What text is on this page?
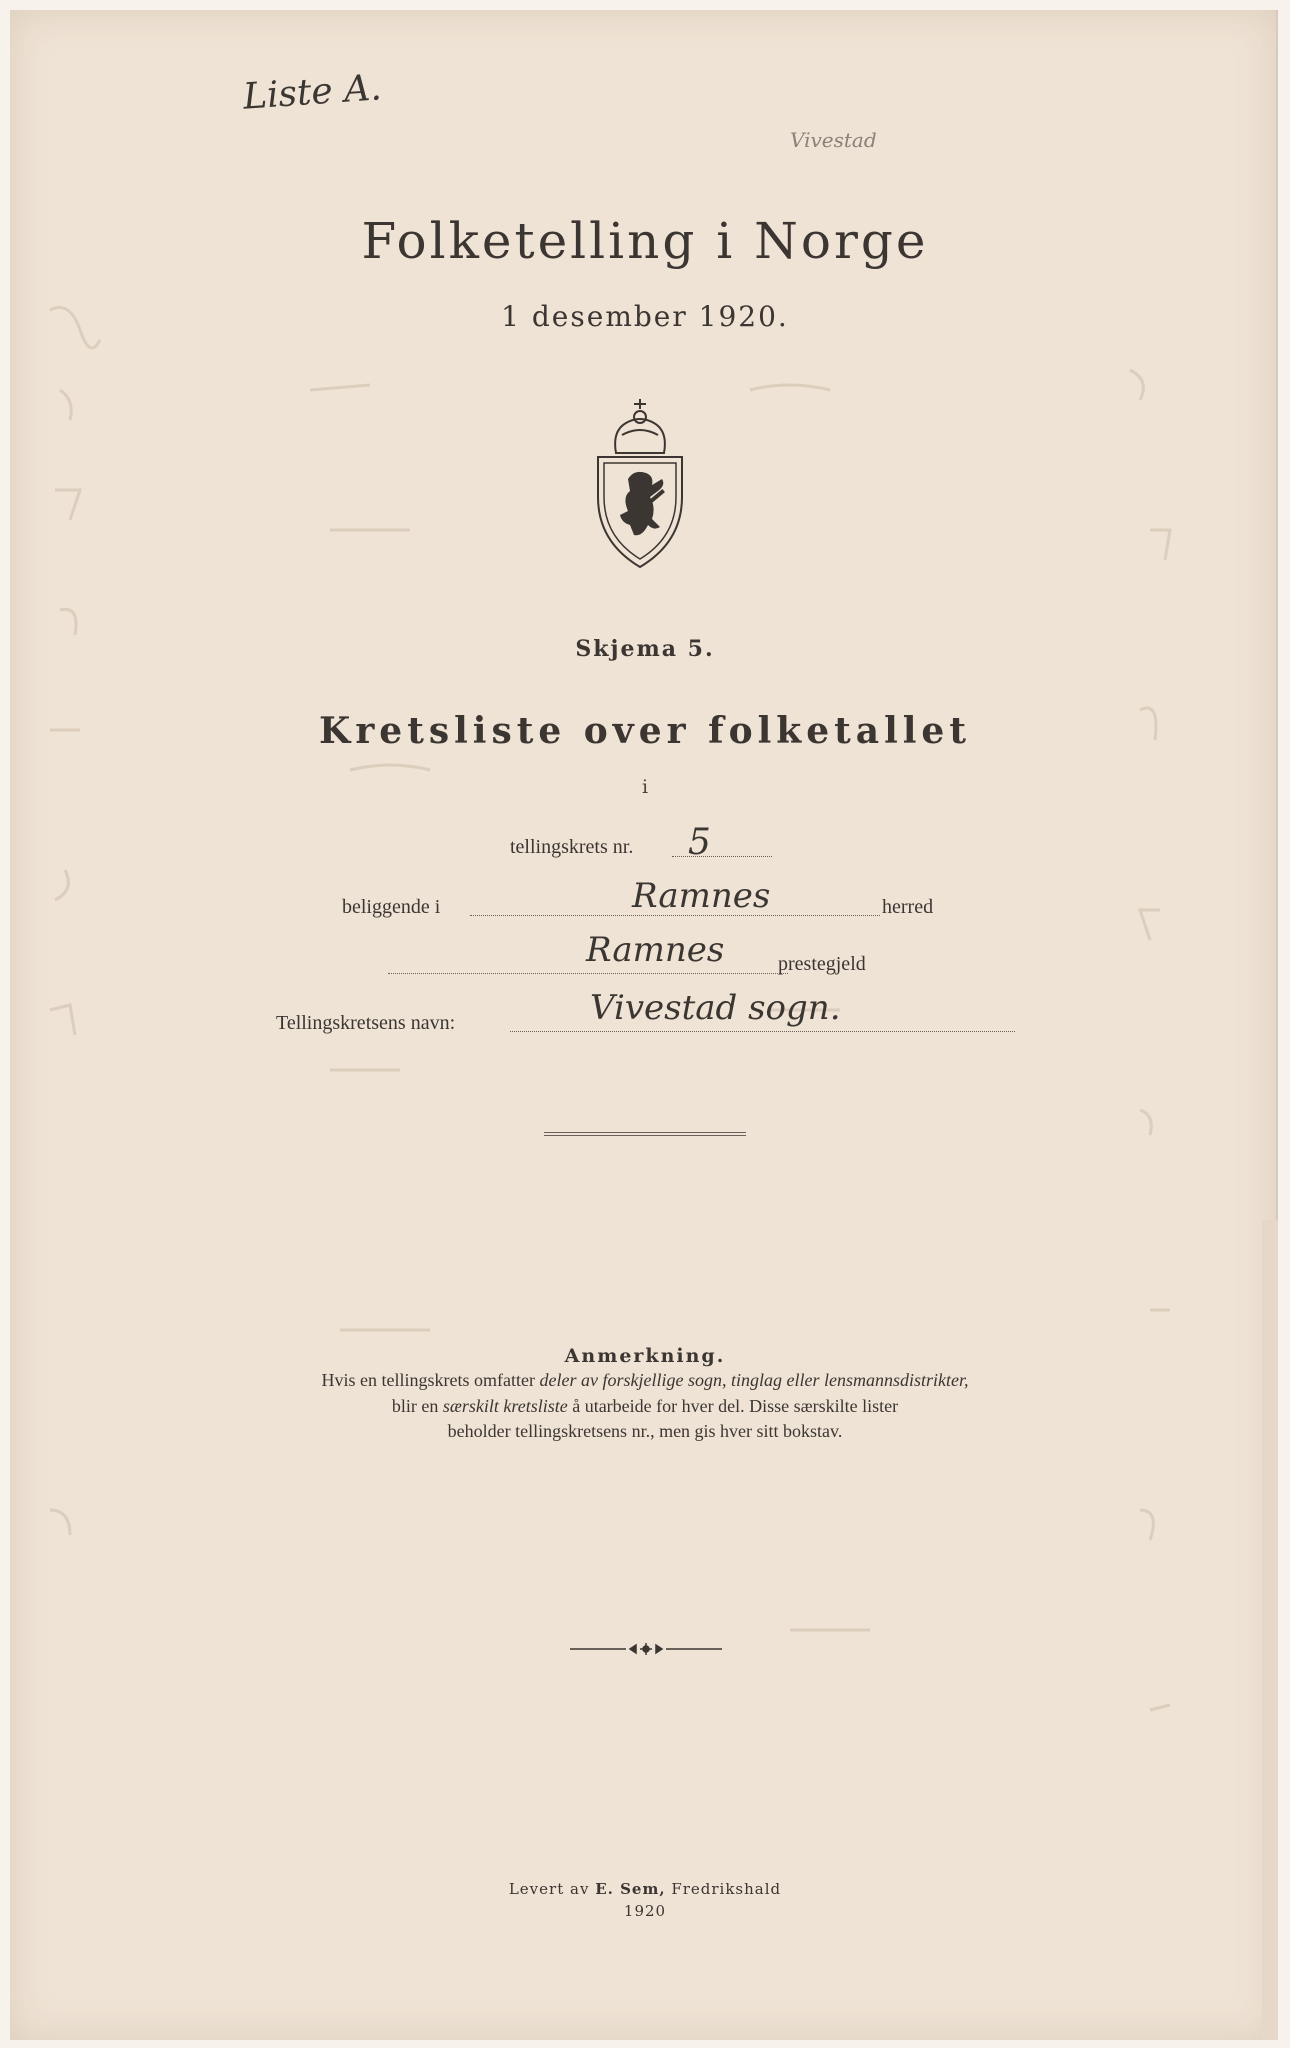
Liste A.
Vivestad
Folketelling i Norge
1 desember 1920.
Skjema 5.
Kretsliste over folketallet
i
tellingskrets nr. 5
beliggende i	Ramnes	herred
Ramnes	prestegjeld
Tellingskretsens navn:	Vivestad sogn.
Anmerkning.
Hvis en tellingskrets omfatter deler av forskjellige sogn, tinglag eller lensmannsdistrikter,
blir en særskilt kretsliste å utarbeide for hver del. Disse særskilte lister
beholder tellingskretsens nr., men gis hver sitt bokstav.
Levert av E. Sem, Fredrikshald
1920
